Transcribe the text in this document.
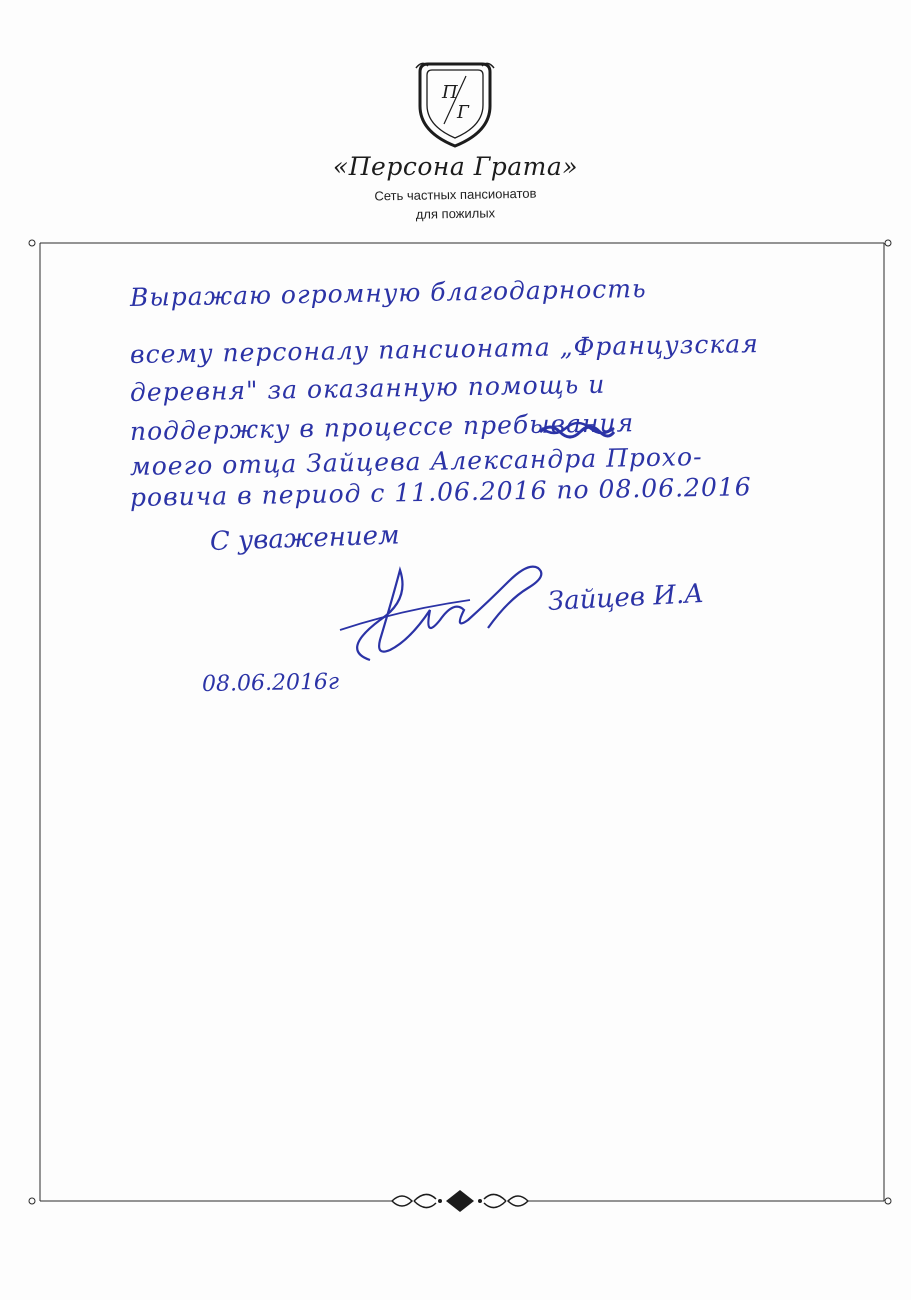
П
Г
«Персона Грата»
Сеть частных пансионатов
для пожилых
Выражаю огромную благодарность
всему персоналу пансионата „Французская
деревня" за оказанную помощь и
поддержку в процессе пребывания
моего отца Зайцева Александра Прохо-
ровича в период с 11.06.2016 по 08.06.2016
С уважением
Зайцев И.А
08.06.2016г
